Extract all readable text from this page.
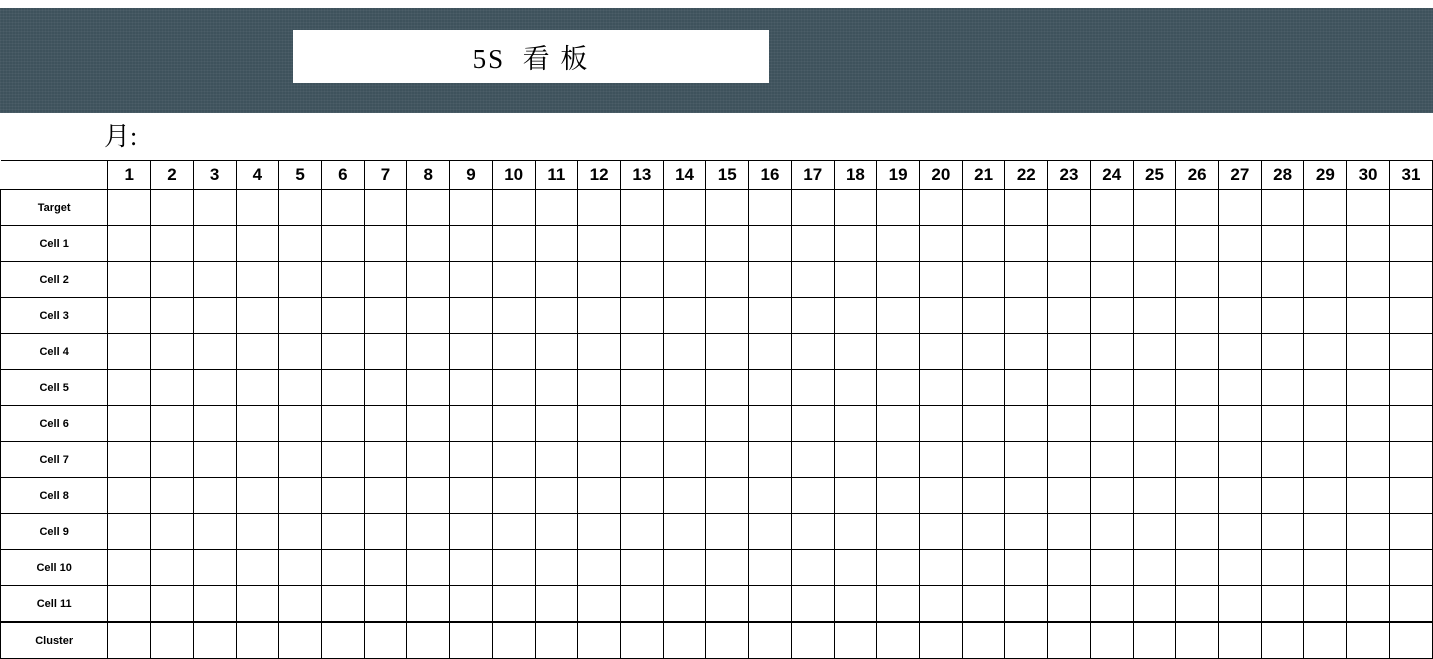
5S  看 板
月:
	1	2	3	4	5	6	7	8	9	10	11	12	13	14	15	16	17	18	19	20	21	22	23	24	25	26	27	28	29	30	31
Target																															
Cell 1																															
Cell 2																															
Cell 3																															
Cell 4																															
Cell 5																															
Cell 6																															
Cell 7																															
Cell 8																															
Cell 9																															
Cell 10																															
Cell 11																															
Cluster																															
